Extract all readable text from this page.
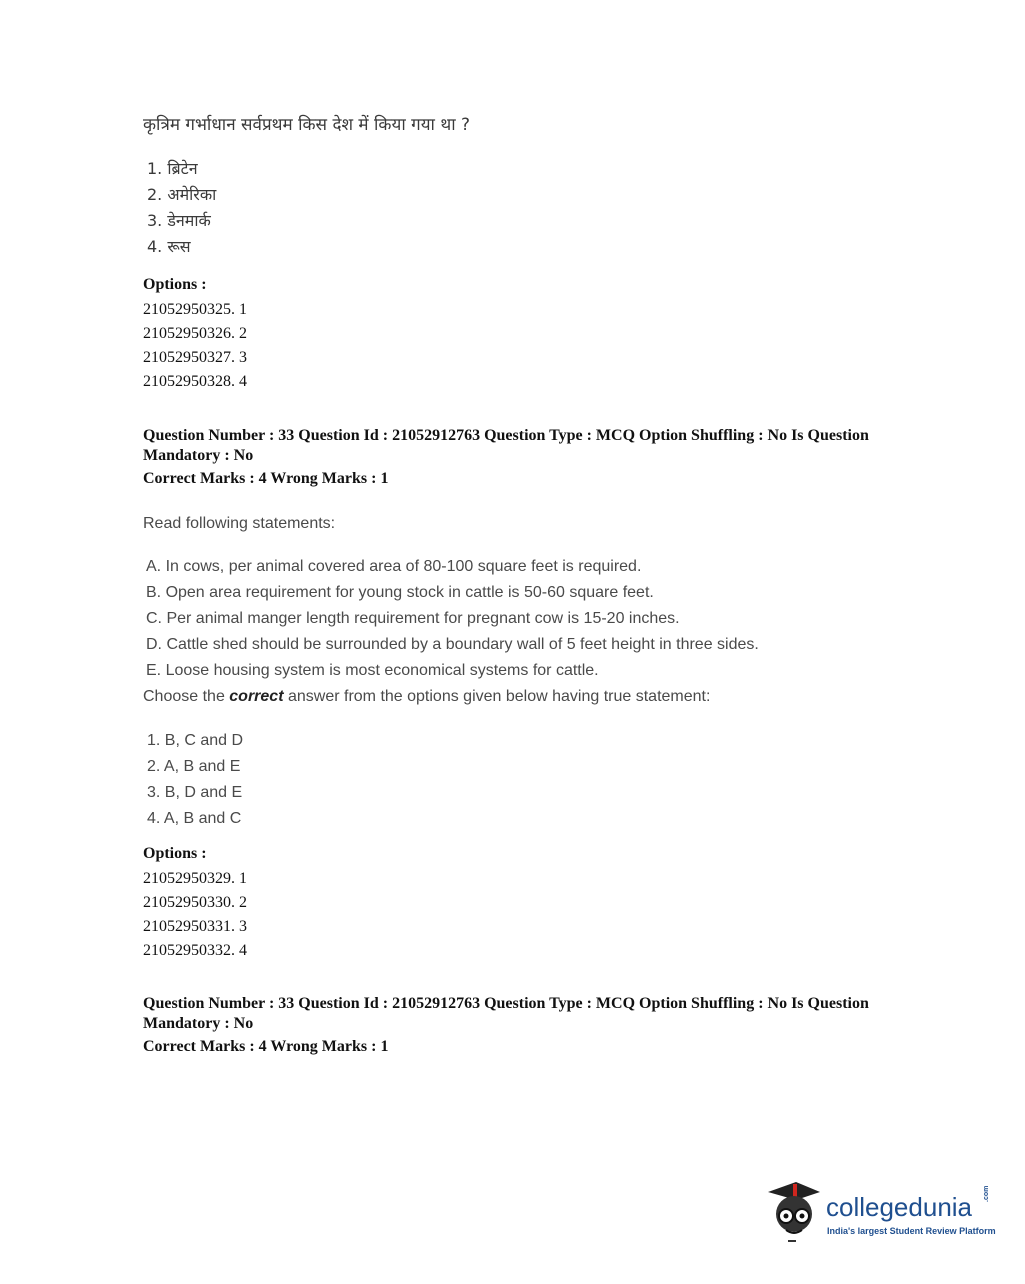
कृत्रिम गर्भाधान सर्वप्रथम किस देश में किया गया था ?
1. ब्रिटेन
2. अमेरिका
3. डेनमार्क
4. रूस
Options :
21052950325. 1
21052950326. 2
21052950327. 3
21052950328. 4
Question Number : 33 Question Id : 21052912763 Question Type : MCQ Option Shuffling : No Is Question Mandatory : No
Correct Marks : 4 Wrong Marks : 1
Read following statements:
A. In cows, per animal covered area of 80-100 square feet is required.
B. Open area requirement for young stock in cattle is 50-60 square feet.
C. Per animal manger length requirement for pregnant cow is 15-20 inches.
D. Cattle shed should be surrounded by a boundary wall of 5 feet height in three sides.
E. Loose housing system is most economical systems for cattle.
Choose the correct answer from the options given below having true statement:
1. B, C and D
2. A, B and E
3. B, D and E
4. A, B and C
Options :
21052950329. 1
21052950330. 2
21052950331. 3
21052950332. 4
Question Number : 33 Question Id : 21052912763 Question Type : MCQ Option Shuffling : No Is Question Mandatory : No
Correct Marks : 4 Wrong Marks : 1
collegedunia .com
India's largest Student Review Platform
